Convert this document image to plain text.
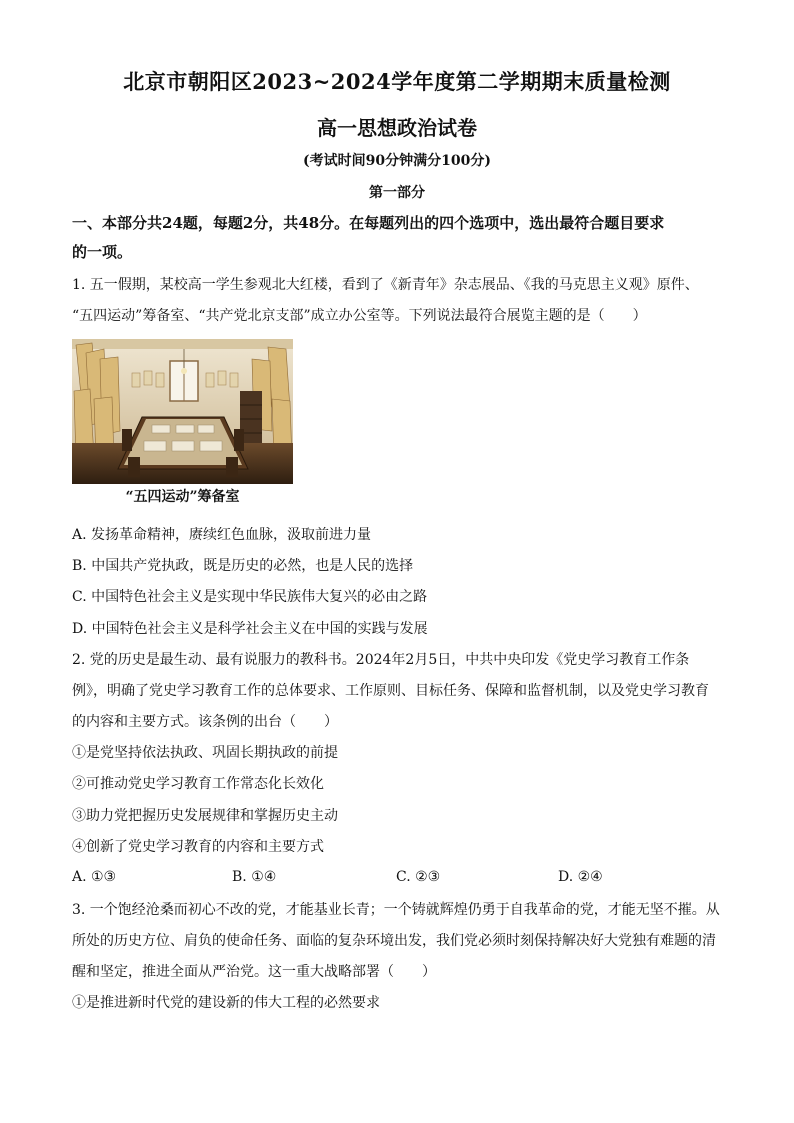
北京市朝阳区2023~2024学年度第二学期期末质量检测
高一思想政治试卷
(考试时间90分钟满分100分)
第一部分
一、本部分共24题，每题2分，共48分。在每题列出的四个选项中，选出最符合题目要求
的一项。
1. 五一假期，某校高一学生参观北大红楼，看到了《新青年》杂志展品、《我的马克思主义观》原件、
“五四运动”筹备室、“共产党北京支部”成立办公室等。下列说法最符合展览主题的是（　　）
“五四运动”筹备室
A. 发扬革命精神，赓续红色血脉，汲取前进力量
B. 中国共产党执政，既是历史的必然，也是人民的选择
C. 中国特色社会主义是实现中华民族伟大复兴的必由之路
D. 中国特色社会主义是科学社会主义在中国的实践与发展
2. 党的历史是最生动、最有说服力的教科书。2024年2月5日，中共中央印发《党史学习教育工作条
例》，明确了党史学习教育工作的总体要求、工作原则、目标任务、保障和监督机制，以及党史学习教育
的内容和主要方式。该条例的出台（　　）
①是党坚持依法执政、巩固长期执政的前提
②可推动党史学习教育工作常态化长效化
③助力党把握历史发展规律和掌握历史主动
④创新了党史学习教育的内容和主要方式
A. ①③	B. ①④	C. ②③	D. ②④
3. 一个饱经沧桑而初心不改的党，才能基业长青；一个铸就辉煌仍勇于自我革命的党，才能无坚不摧。从
所处的历史方位、肩负的使命任务、面临的复杂环境出发，我们党必须时刻保持解决好大党独有难题的清
醒和坚定，推进全面从严治党。这一重大战略部署（　　）
①是推进新时代党的建设新的伟大工程的必然要求
